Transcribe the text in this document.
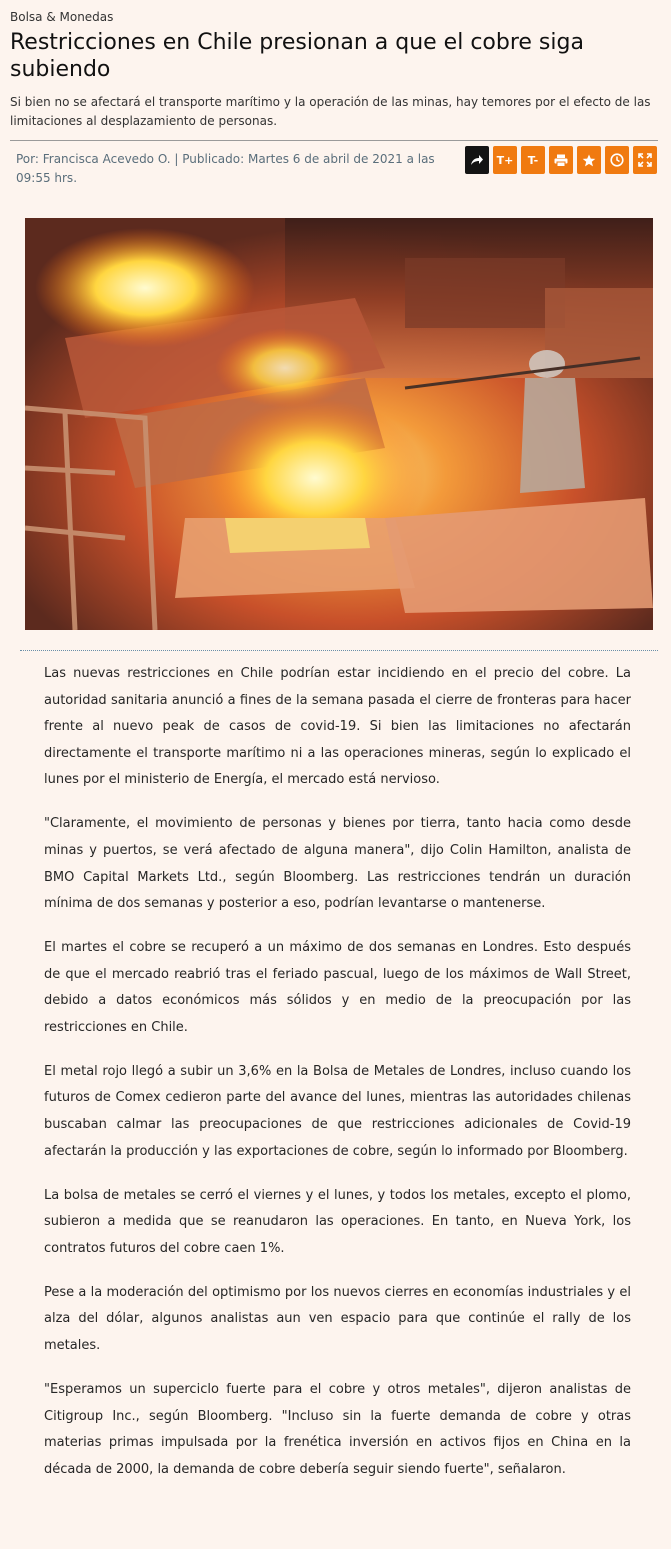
Bolsa & Monedas
Restricciones en Chile presionan a que el cobre siga subiendo
Si bien no se afectará el transporte marítimo y la operación de las minas, hay temores por el efecto de las limitaciones al desplazamiento de personas.
Por: Francisca Acevedo O. | Publicado: Martes 6 de abril de 2021 a las 09:55 hrs.
T+	T-

Las nuevas restricciones en Chile podrían estar incidiendo en el precio del cobre. La autoridad sanitaria anunció a fines de la semana pasada el cierre de fronteras para hacer frente al nuevo peak de casos de covid-19. Si bien las limitaciones no afectarán directamente el transporte marítimo ni a las operaciones mineras, según lo explicado el lunes por el ministerio de Energía, el mercado está nervioso.

"Claramente, el movimiento de personas y bienes por tierra, tanto hacia como desde minas y puertos, se verá afectado de alguna manera", dijo Colin Hamilton, analista de BMO Capital Markets Ltd., según Bloomberg. Las restricciones tendrán un duración mínima de dos semanas y posterior a eso, podrían levantarse o mantenerse.

El martes el cobre se recuperó a un máximo de dos semanas en Londres. Esto después de que el mercado reabrió tras el feriado pascual, luego de los máximos de Wall Street, debido a datos económicos más sólidos y en medio de la preocupación por las restricciones en Chile.

El metal rojo llegó a subir un 3,6% en la Bolsa de Metales de Londres, incluso cuando los futuros de Comex cedieron parte del avance del lunes, mientras las autoridades chilenas buscaban calmar las preocupaciones de que restricciones adicionales de Covid-19 afectarán la producción y las exportaciones de cobre, según lo informado por Bloomberg.

La bolsa de metales se cerró el viernes y el lunes, y todos los metales, excepto el plomo, subieron a medida que se reanudaron las operaciones. En tanto, en Nueva York, los contratos futuros del cobre caen 1%.

Pese a la moderación del optimismo por los nuevos cierres en economías industriales y el alza del dólar, algunos analistas aun ven espacio para que continúe el rally de los metales.

"Esperamos un superciclo fuerte para el cobre y otros metales", dijeron analistas de Citigroup Inc., según Bloomberg. "Incluso sin la fuerte demanda de cobre y otras materias primas impulsada por la frenética inversión en activos fijos en China en la década de 2000, la demanda de cobre debería seguir siendo fuerte", señalaron.
